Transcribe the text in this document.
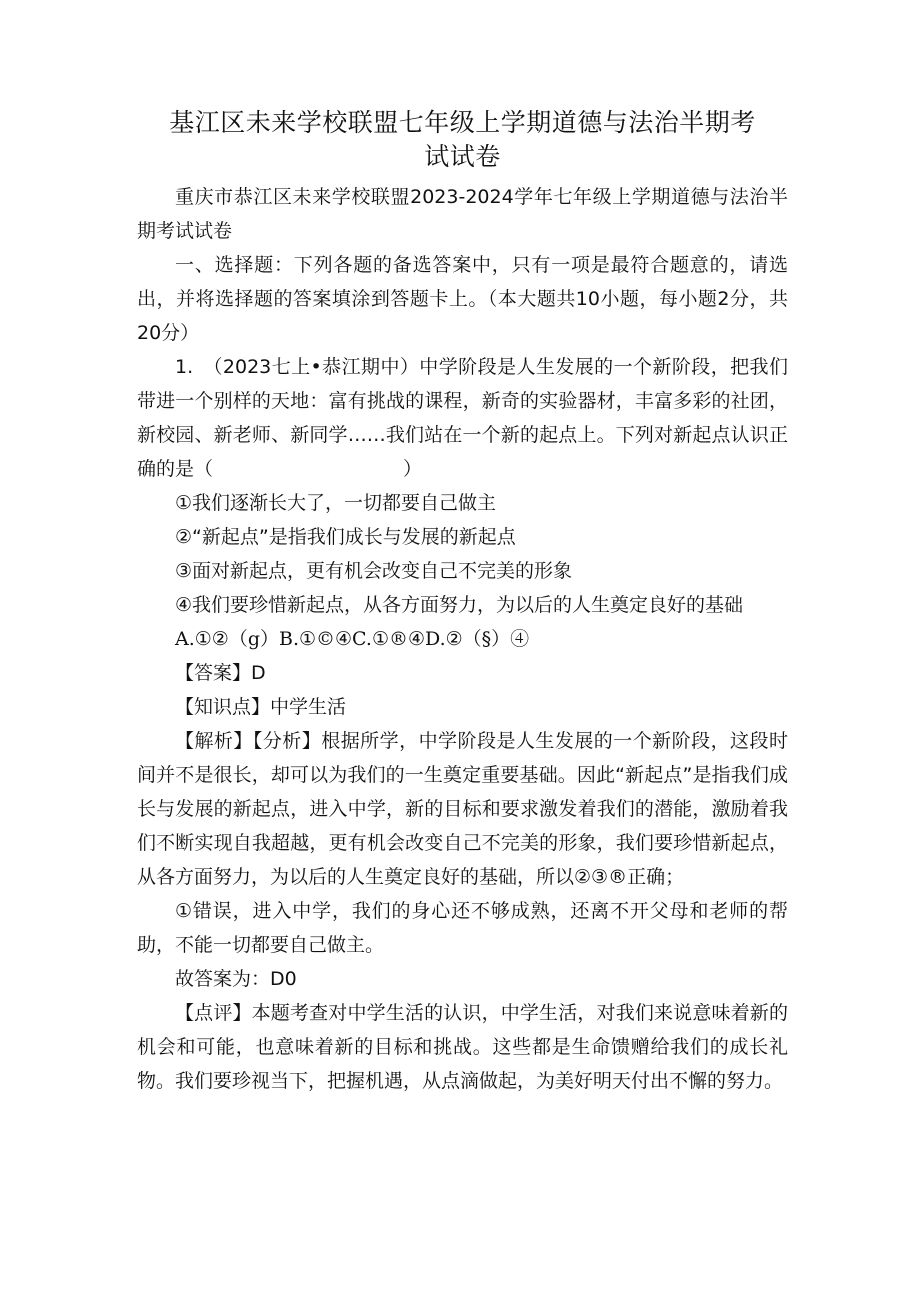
基江区未来学校联盟七年级上学期道德与法治半期考
试试卷

重庆市恭江区未来学校联盟2023-2024学年七年级上学期道德与法治半期考试试卷

一、选择题：下列各题的备选答案中，只有一项是最符合题意的，请选出，并将选择题的答案填涂到答题卡上。（本大题共10小题，每小题2分，共20分）

1.　（2023七上•恭江期中）中学阶段是人生发展的一个新阶段，把我们带进一个别样的天地：富有挑战的课程，新奇的实验器材，丰富多彩的社团，新校园、新老师、新同学……我们站在一个新的起点上。下列对新起点认识正确的是（　　　　　　　　　　）

①我们逐渐长大了，一切都要自己做主

②“新起点”是指我们成长与发展的新起点

③面对新起点，更有机会改变自己不完美的形象

④我们要珍惜新起点，从各方面努力，为以后的人生奠定良好的基础

A.①②（g）B.①©④C.①®④D.②（§）④

【答案】D

【知识点】中学生活

【解析】【分析】根据所学，中学阶段是人生发展的一个新阶段，这段时间并不是很长，却可以为我们的一生奠定重要基础。因此“新起点”是指我们成长与发展的新起点，进入中学，新的目标和要求激发着我们的潜能，激励着我们不断实现自我超越，更有机会改变自己不完美的形象，我们要珍惜新起点，从各方面努力，为以后的人生奠定良好的基础，所以②③®正确；

①错误，进入中学，我们的身心还不够成熟，还离不开父母和老师的帮助，不能一切都要自己做主。

故答案为：D0

【点评】本题考查对中学生活的认识，中学生活，对我们来说意味着新的机会和可能，也意味着新的目标和挑战。这些都是生命馈赠给我们的成长礼物。我们要珍视当下，把握机遇，从点滴做起，为美好明天付出不懈的努力。
